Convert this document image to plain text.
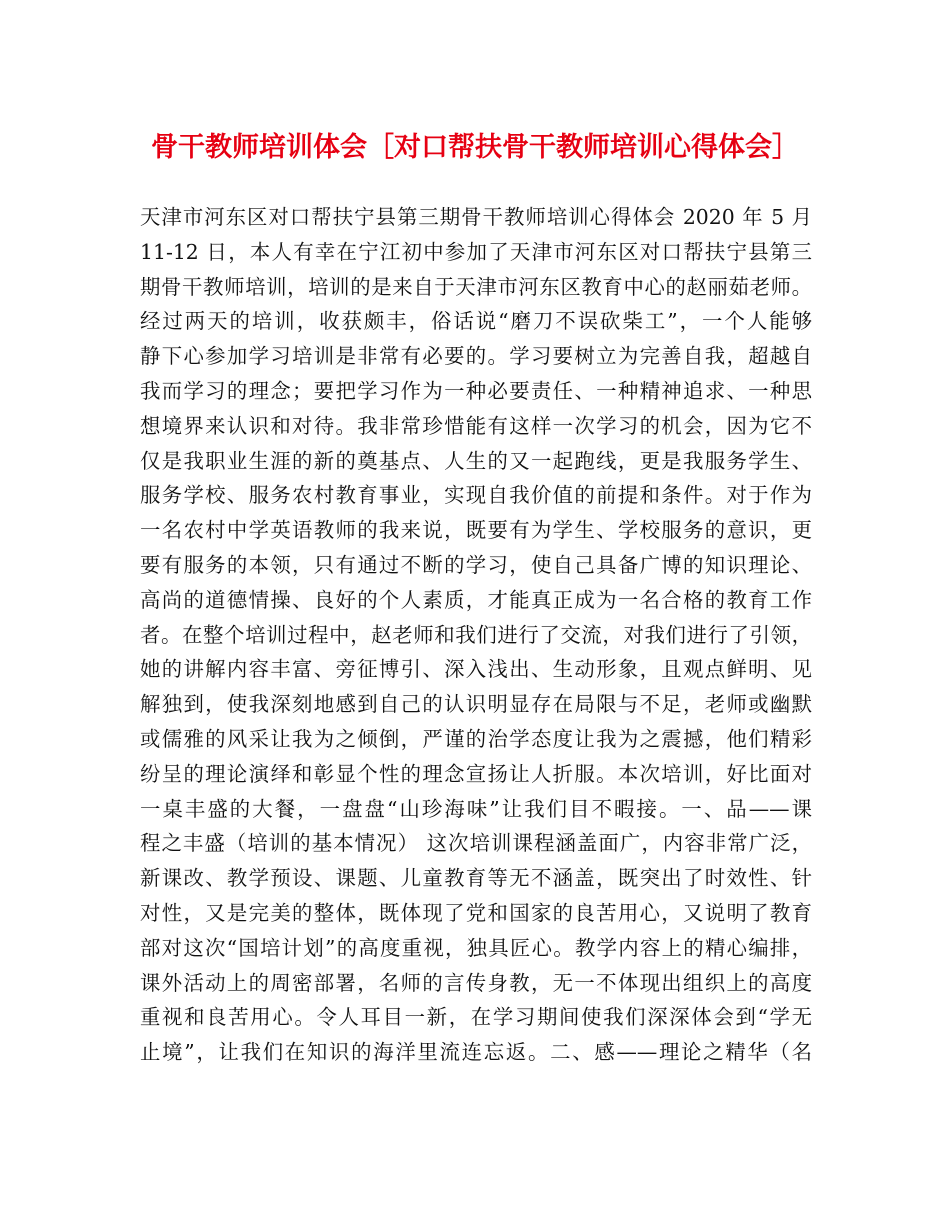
骨干教师培训体会［对口帮扶骨干教师培训心得体会］
天津市河东区对口帮扶宁县第三期骨干教师培训心得体会 2020 年 5 月
11-12 日，本人有幸在宁江初中参加了天津市河东区对口帮扶宁县第三
期骨干教师培训，培训的是来自于天津市河东区教育中心的赵丽茹老师。
经过两天的培训，收获颇丰，俗话说“磨刀不误砍柴工”，一个人能够
静下心参加学习培训是非常有必要的。学习要树立为完善自我，超越自
我而学习的理念；要把学习作为一种必要责任、一种精神追求、一种思
想境界来认识和对待。我非常珍惜能有这样一次学习的机会，因为它不
仅是我职业生涯的新的奠基点、人生的又一起跑线，更是我服务学生、
服务学校、服务农村教育事业，实现自我价值的前提和条件。对于作为
一名农村中学英语教师的我来说，既要有为学生、学校服务的意识，更
要有服务的本领，只有通过不断的学习，使自己具备广博的知识理论、
高尚的道德情操、良好的个人素质，才能真正成为一名合格的教育工作
者。在整个培训过程中，赵老师和我们进行了交流，对我们进行了引领，
她的讲解内容丰富、旁征博引、深入浅出、生动形象，且观点鲜明、见
解独到，使我深刻地感到自己的认识明显存在局限与不足，老师或幽默
或儒雅的风采让我为之倾倒，严谨的治学态度让我为之震撼，他们精彩
纷呈的理论演绎和彰显个性的理念宣扬让人折服。本次培训，好比面对
一桌丰盛的大餐，一盘盘“山珍海味”让我们目不暇接。一、品——课
程之丰盛（培训的基本情况） 这次培训课程涵盖面广，内容非常广泛，
新课改、教学预设、课题、儿童教育等无不涵盖，既突出了时效性、针
对性，又是完美的整体，既体现了党和国家的良苦用心，又说明了教育
部对这次“国培计划”的高度重视，独具匠心。教学内容上的精心编排，
课外活动上的周密部署，名师的言传身教，无一不体现出组织上的高度
重视和良苦用心。令人耳目一新，在学习期间使我们深深体会到“学无
止境”，让我们在知识的海洋里流连忘返。二、感——理论之精华（名
